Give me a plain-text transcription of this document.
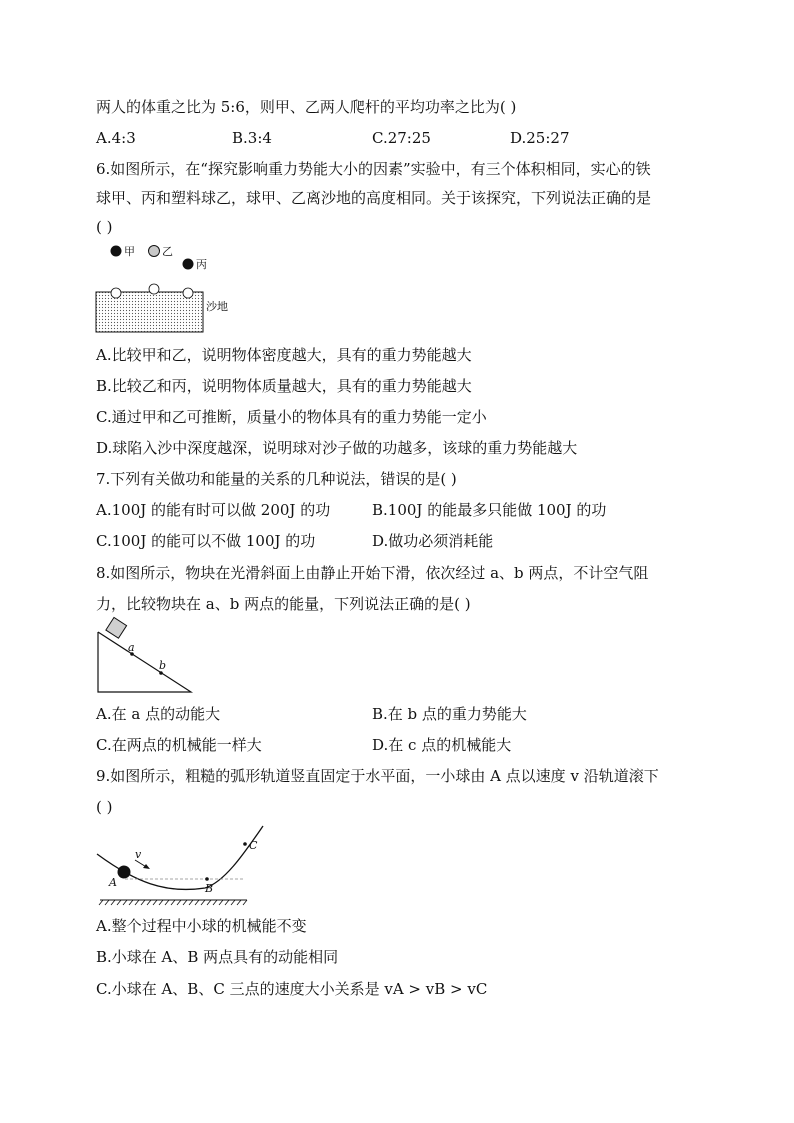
两人的体重之比为 5:6，则甲、乙两人爬杆的平均功率之比为( )
A.4:3	B.3:4	C.27:25	D.25:27
6.如图所示，在“探究影响重力势能大小的因素”实验中，有三个体积相同，实心的铁
球甲、丙和塑料球乙，球甲、乙离沙地的高度相同。关于该探究，下列说法正确的是
( )
甲 乙
丙
沙地
A.比较甲和乙，说明物体密度越大，具有的重力势能越大
B.比较乙和丙，说明物体质量越大，具有的重力势能越大
C.通过甲和乙可推断，质量小的物体具有的重力势能一定小
D.球陷入沙中深度越深，说明球对沙子做的功越多，该球的重力势能越大
7.下列有关做功和能量的关系的几种说法，错误的是( )
A.100J 的能有时可以做 200J 的功	B.100J 的能最多只能做 100J 的功
C.100J 的能可以不做 100J 的功	D.做功必须消耗能
8.如图所示，物块在光滑斜面上由静止开始下滑，依次经过 a、b 两点，不计空气阻
力，比较物块在 a、b 两点的能量，下列说法正确的是( )
a
b
A.在 a 点的动能大	B.在 b 点的重力势能大
C.在两点的机械能一样大	D.在 c 点的机械能大
9.如图所示，粗糙的弧形轨道竖直固定于水平面，一小球由 A 点以速度 v 沿轨道滚下
( )
v
A	B
C
A.整个过程中小球的机械能不变
B.小球在 A、B 两点具有的动能相同
C.小球在 A、B、C 三点的速度大小关系是 vA > vB > vC
